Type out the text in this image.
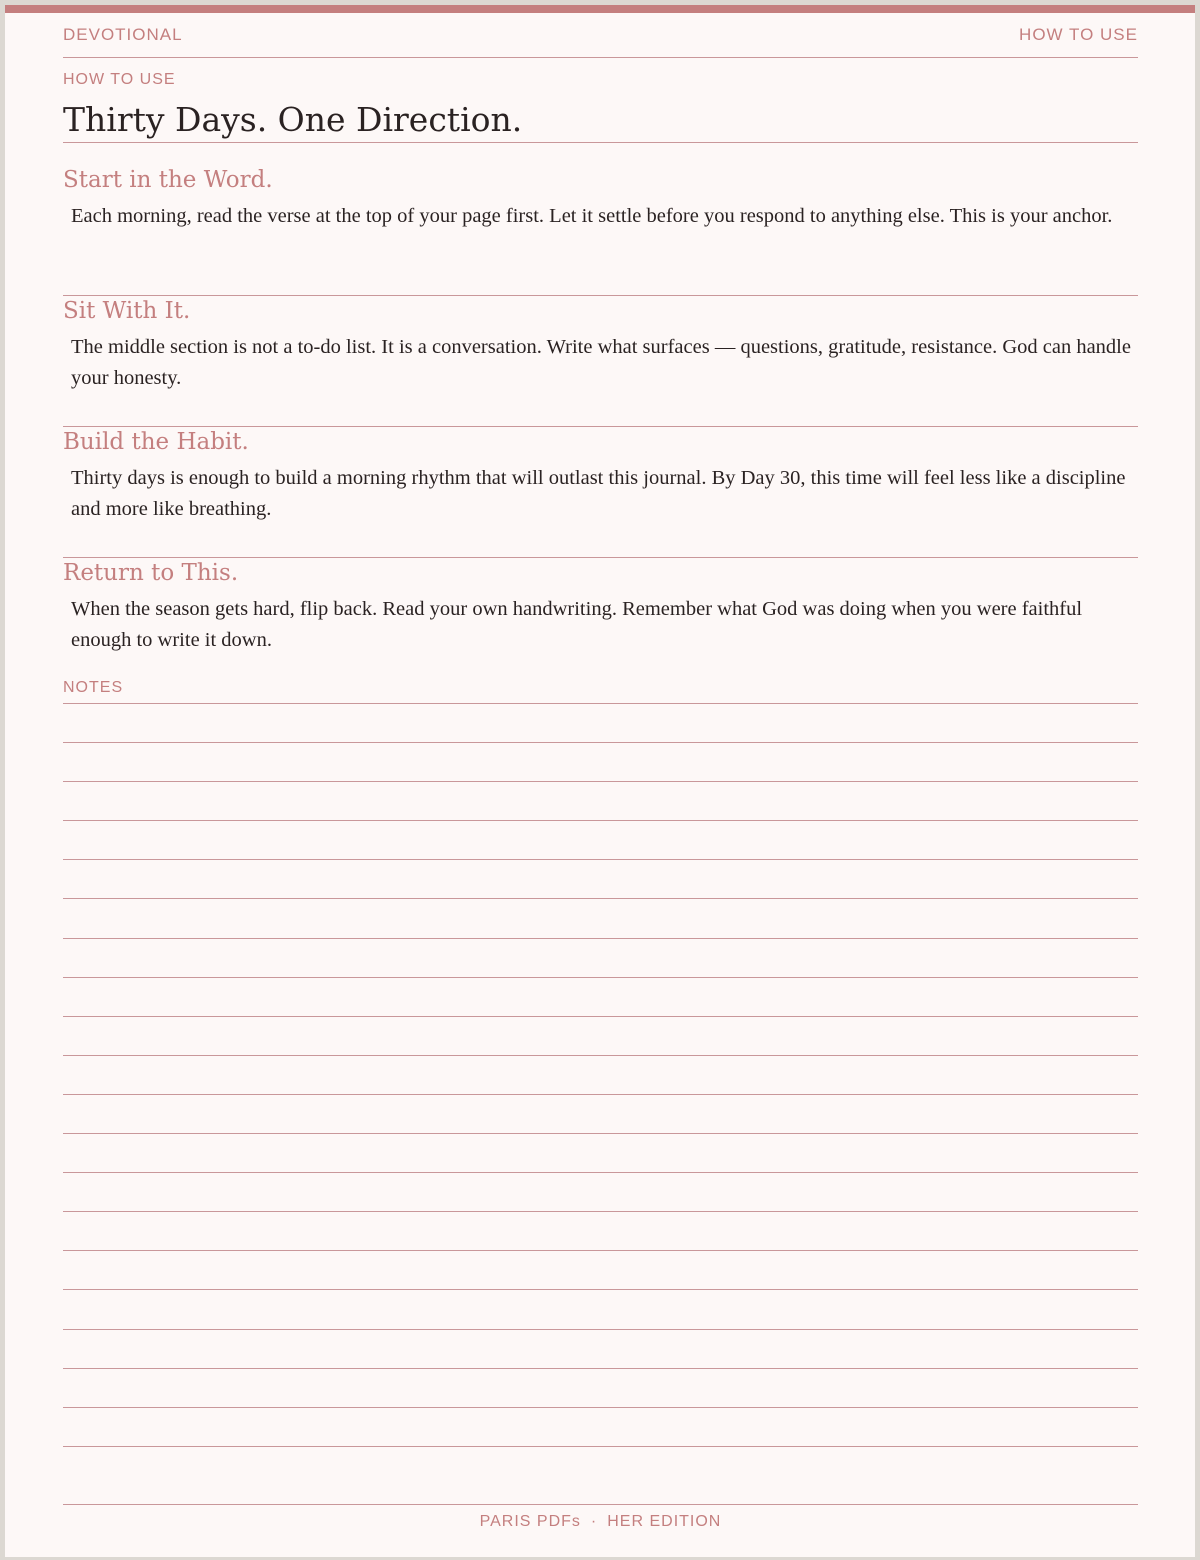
DEVOTIONAL	HOW TO USE
HOW TO USE
Thirty Days. One Direction.
Start in the Word.
Each morning, read the verse at the top of your page first. Let it settle before you respond to anything else. This is your anchor.
Sit With It.
The middle section is not a to-do list. It is a conversation. Write what surfaces — questions, gratitude, resistance. God can handle your honesty.
Build the Habit.
Thirty days is enough to build a morning rhythm that will outlast this journal. By Day 30, this time will feel less like a discipline and more like breathing.
Return to This.
When the season gets hard, flip back. Read your own handwriting. Remember what God was doing when you were faithful enough to write it down.
NOTES
PARIS PDFs · HER EDITION
